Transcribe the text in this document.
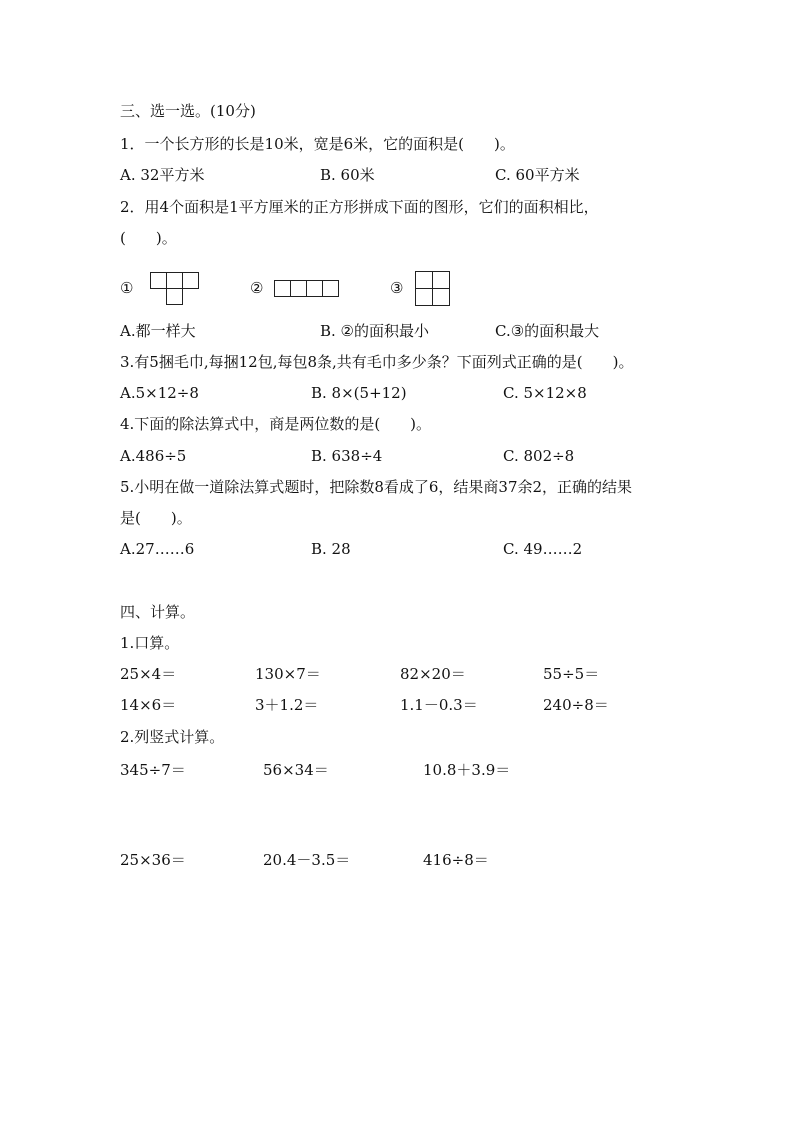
三、选一选。(10分)
1．一个长方形的长是10米，宽是6米，它的面积是(　　)。
A. 32平方米	B. 60米	C. 60平方米
2．用4个面积是1平方厘米的正方形拼成下面的图形，它们的面积相比，
(　　)。
①	②	③
A.都一样大	B. ②的面积最小	C.③的面积最大
3.有5捆毛巾,每捆12包,每包8条,共有毛巾多少条？下面列式正确的是(　　)。
A.5×12÷8	B. 8×(5+12)	C. 5×12×8
4.下面的除法算式中，商是两位数的是(　　)。
A.486÷5	B. 638÷4	C. 802÷8
5.小明在做一道除法算式题时，把除数8看成了6，结果商37余2，正确的结果
是(　　)。
A.27……6	B. 28	C. 49……2
四、计算。
1.口算。
25×4＝	130×7＝	82×20＝	55÷5＝
14×6＝	3＋1.2＝	1.1－0.3＝	240÷8＝
2.列竖式计算。
345÷7＝	56×34＝	10.8＋3.9＝
25×36＝	20.4－3.5＝	416÷8＝
